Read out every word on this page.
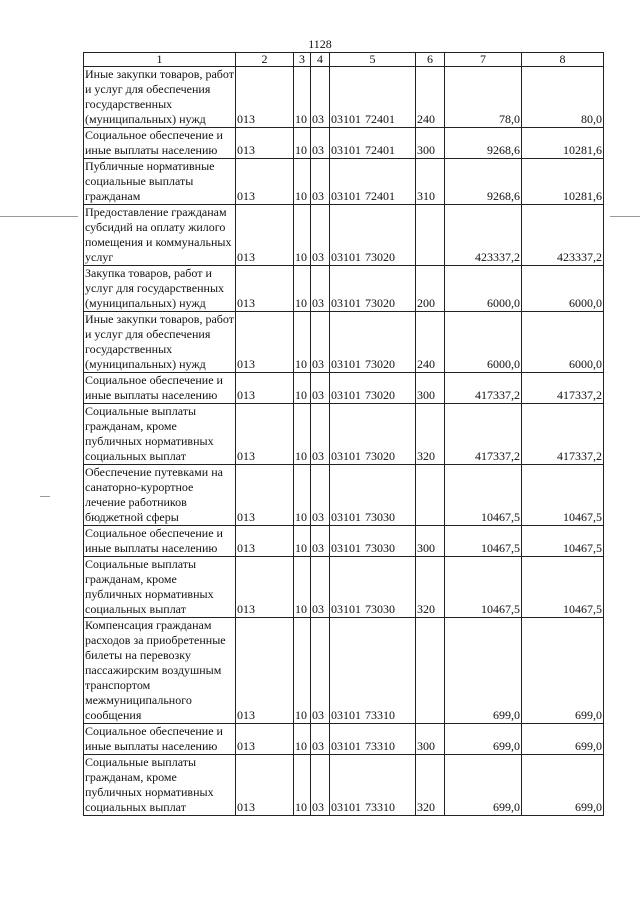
1128
1	2	3	4	5	6	7	8
Иные закупки товаров, работ и услуг для обеспечения государственных (муниципальных) нужд	013	10	03	03101 72401	240	78,0	80,0
Социальное обеспечение и иные выплаты населению	013	10	03	03101 72401	300	9268,6	10281,6
Публичные нормативные социальные выплаты гражданам	013	10	03	03101 72401	310	9268,6	10281,6
Предоставление гражданам субсидий на оплату жилого помещения и коммунальных услуг	013	10	03	03101 73020		423337,2	423337,2
Закупка товаров, работ и услуг для государственных (муниципальных) нужд	013	10	03	03101 73020	200	6000,0	6000,0
Иные закупки товаров, работ и услуг для обеспечения государственных (муниципальных) нужд	013	10	03	03101 73020	240	6000,0	6000,0
Социальное обеспечение и иные выплаты населению	013	10	03	03101 73020	300	417337,2	417337,2
Социальные выплаты гражданам, кроме публичных нормативных социальных выплат	013	10	03	03101 73020	320	417337,2	417337,2
Обеспечение путевками на санаторно-курортное лечение работников бюджетной сферы	013	10	03	03101 73030		10467,5	10467,5
Социальное обеспечение и иные выплаты населению	013	10	03	03101 73030	300	10467,5	10467,5
Социальные выплаты гражданам, кроме публичных нормативных социальных выплат	013	10	03	03101 73030	320	10467,5	10467,5
Компенсация гражданам расходов за приобретенные билеты на перевозку пассажирским воздушным транспортом межмуниципального сообщения	013	10	03	03101 73310		699,0	699,0
Социальное обеспечение и иные выплаты населению	013	10	03	03101 73310	300	699,0	699,0
Социальные выплаты гражданам, кроме публичных нормативных социальных выплат	013	10	03	03101 73310	320	699,0	699,0
